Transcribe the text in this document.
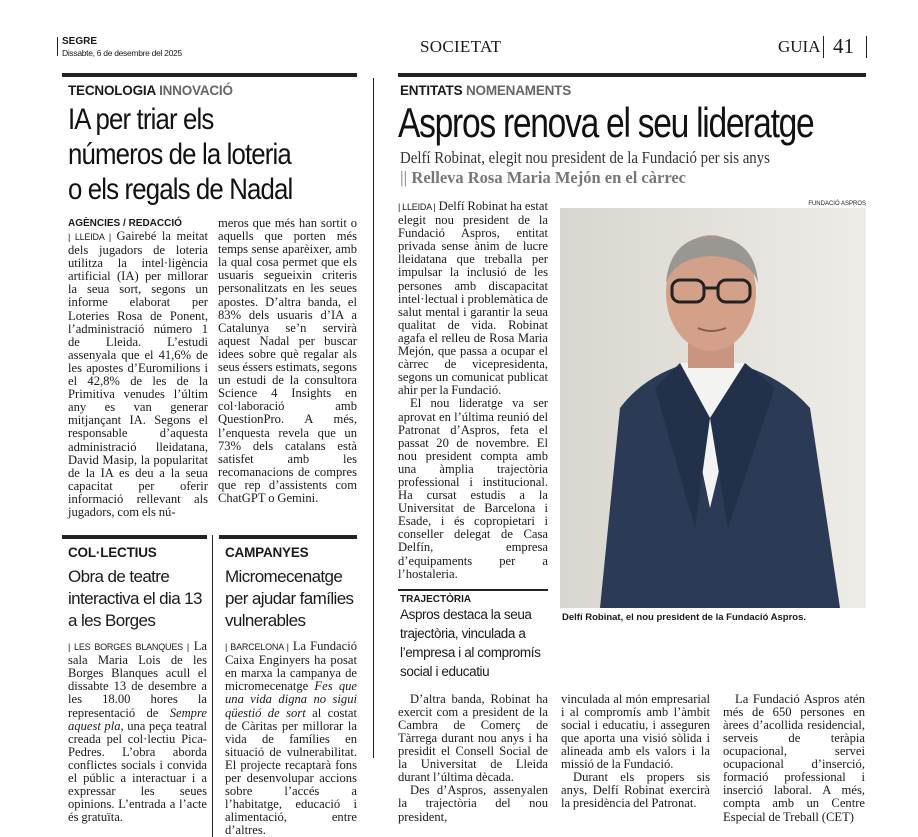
SEGRE
Dissabte, 6 de desembre del 2025	SOCIETAT	GUIA 41
TECNOLOGIA INNOVACIÓ
IA per triar els
números de la loteria
o els regals de Nadal
AGÈNCIES / REDACCIÓ
| LLEIDA | Gairebé la meitat dels jugadors de loteria utilitza la intel·ligència artificial (IA) per millorar la seua sort, segons un informe elaborat per Loteries Rosa de Ponent, l’administració número 1 de Lleida. L’estudi assenyala que el 41,6% de les apostes d’Euromilions i el 42,8% de les de la Primitiva venudes l’últim any es van generar mitjançant IA. Segons el responsable d’aquesta administració lleidatana, David Masip, la popularitat de la IA es deu a la seua capacitat per oferir informació rellevant als jugadors, com els nú-
meros que més han sortit o aquells que porten més temps sense aparèixer, amb la qual cosa permet que els usuaris segueixin criteris personalitzats en les seues apostes. D’altra banda, el 83% dels usuaris d’IA a Catalunya se’n servirà aquest Nadal per buscar idees sobre què regalar als seus éssers estimats, segons un estudi de la consultora Science 4 Insights en col·laboració amb QuestionPro. A més, l’enquesta revela que un 73% dels catalans està satisfet amb les recomanacions de compres que rep d’assistents com ChatGPT o Gemini.
COL·LECTIUS
Obra de teatre interactiva el dia 13 a les Borges
| LES BORGES BLANQUES | La sala Maria Lois de les Borges Blanques acull el dissabte 13 de desembre a les 18.00 hores la representació de Sempre aquest pla, una peça teatral creada pel col·lectiu Pica-Pedres. L’obra aborda conflictes socials i convida el públic a interactuar i a expressar les seues opinions. L’entrada a l’acte és gratuïta.
CAMPANYES
Micromecenatge per ajudar famílies vulnerables
| BARCELONA | La Fundació Caixa Enginyers ha posat en marxa la campanya de micromecenatge Fes que una vida digna no sigui qüestió de sort al costat de Càritas per millorar la vida de famílies en situació de vulnerabilitat. El projecte recaptarà fons per desenvolupar accions sobre l’accés a l’habitatge, educació i alimentació, entre d’altres.
ENTITATS NOMENAMENTS
Aspros renova el seu lideratge
Delfí Robinat, elegit nou president de la Fundació per sis anys
|| Relleva Rosa Maria Mejón en el càrrec

| LLEIDA | Delfí Robinat ha estat elegit nou president de la Fundació Aspros, entitat privada sense ànim de lucre lleidatana que treballa per impulsar la inclusió de les persones amb discapacitat intel·lectual i problemàtica de salut mental i garantir la seua qualitat de vida. Robinat agafa el relleu de Rosa Maria Mejón, que passa a ocupar el càrrec de vicepresidenta, segons un comunicat publicat ahir per la Fundació.

El nou lideratge va ser aprovat en l’última reunió del Patronat d’Aspros, feta el passat 20 de novembre. El nou president compta amb una àmplia trajectòria professional i institucional. Ha cursat estudis a la Universitat de Barcelona i Esade, i és copropietari i conseller delegat de Casa Delfín, empresa d’equipaments per a l’hostaleria.

TRAJECTÒRIA
Aspros destaca la seua trajectòria, vinculada a l’empresa i al compromís social i educatiu
FUNDACIÓ ASPROS
Delfí Robinat, el nou president de la Fundació Aspros.

D’altra banda, Robinat ha exercit com a president de la Cambra de Comerç de Tàrrega durant nou anys i ha presidit el Consell Social de la Universitat de Lleida durant l’última dècada.

Des d’Aspros, assenyalen la trajectòria del nou president,

vinculada al món empresarial i al compromís amb l’àmbit social i educatiu, i asseguren que aporta una visió sòlida i alineada amb els valors i la missió de la Fundació.

Durant els propers sis anys, Delfí Robinat exercirà la presidència del Patronat.

La Fundació Aspros atén més de 650 persones en àrees d’acollida residencial, serveis de teràpia ocupacional, servei ocupacional d’inserció, formació professional i inserció laboral. A més, compta amb un Centre Especial de Treball (CET)
